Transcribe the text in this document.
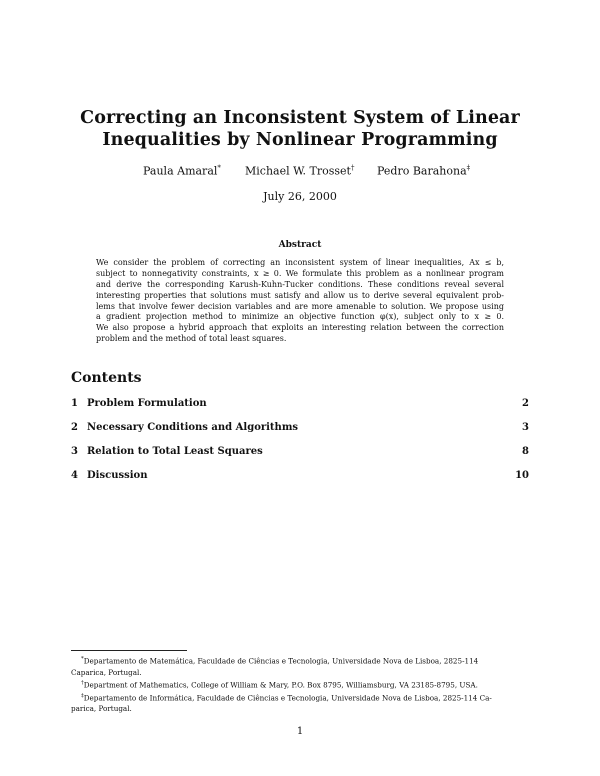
Correcting an Inconsistent System of Linear
Inequalities by Nonlinear Programming
Paula Amaral* Michael W. Trosset† Pedro Barahona‡
July 26, 2000
Abstract
We consider the problem of correcting an inconsistent system of linear inequalities, Ax ≤ b,
subject to nonnegativity constraints, x ≥ 0. We formulate this problem as a nonlinear program
and derive the corresponding Karush-Kuhn-Tucker conditions. These conditions reveal several
interesting properties that solutions must satisfy and allow us to derive several equivalent prob-
lems that involve fewer decision variables and are more amenable to solution. We propose using
a gradient projection method to minimize an objective function φ(x), subject only to x ≥ 0.
We also propose a hybrid approach that exploits an interesting relation between the correction
problem and the method of total least squares.
Contents
1 Problem Formulation	2
2 Necessary Conditions and Algorithms	3
3 Relation to Total Least Squares	8
4 Discussion	10
*Departamento de Matemática, Faculdade de Ciências e Tecnologia, Universidade Nova de Lisboa, 2825-114
Caparica, Portugal.
†Department of Mathematics, College of William & Mary, P.O. Box 8795, Williamsburg, VA 23185-8795, USA.
‡Departamento de Informática, Faculdade de Ciências e Tecnologia, Universidade Nova de Lisboa, 2825-114 Ca-
parica, Portugal.
1
